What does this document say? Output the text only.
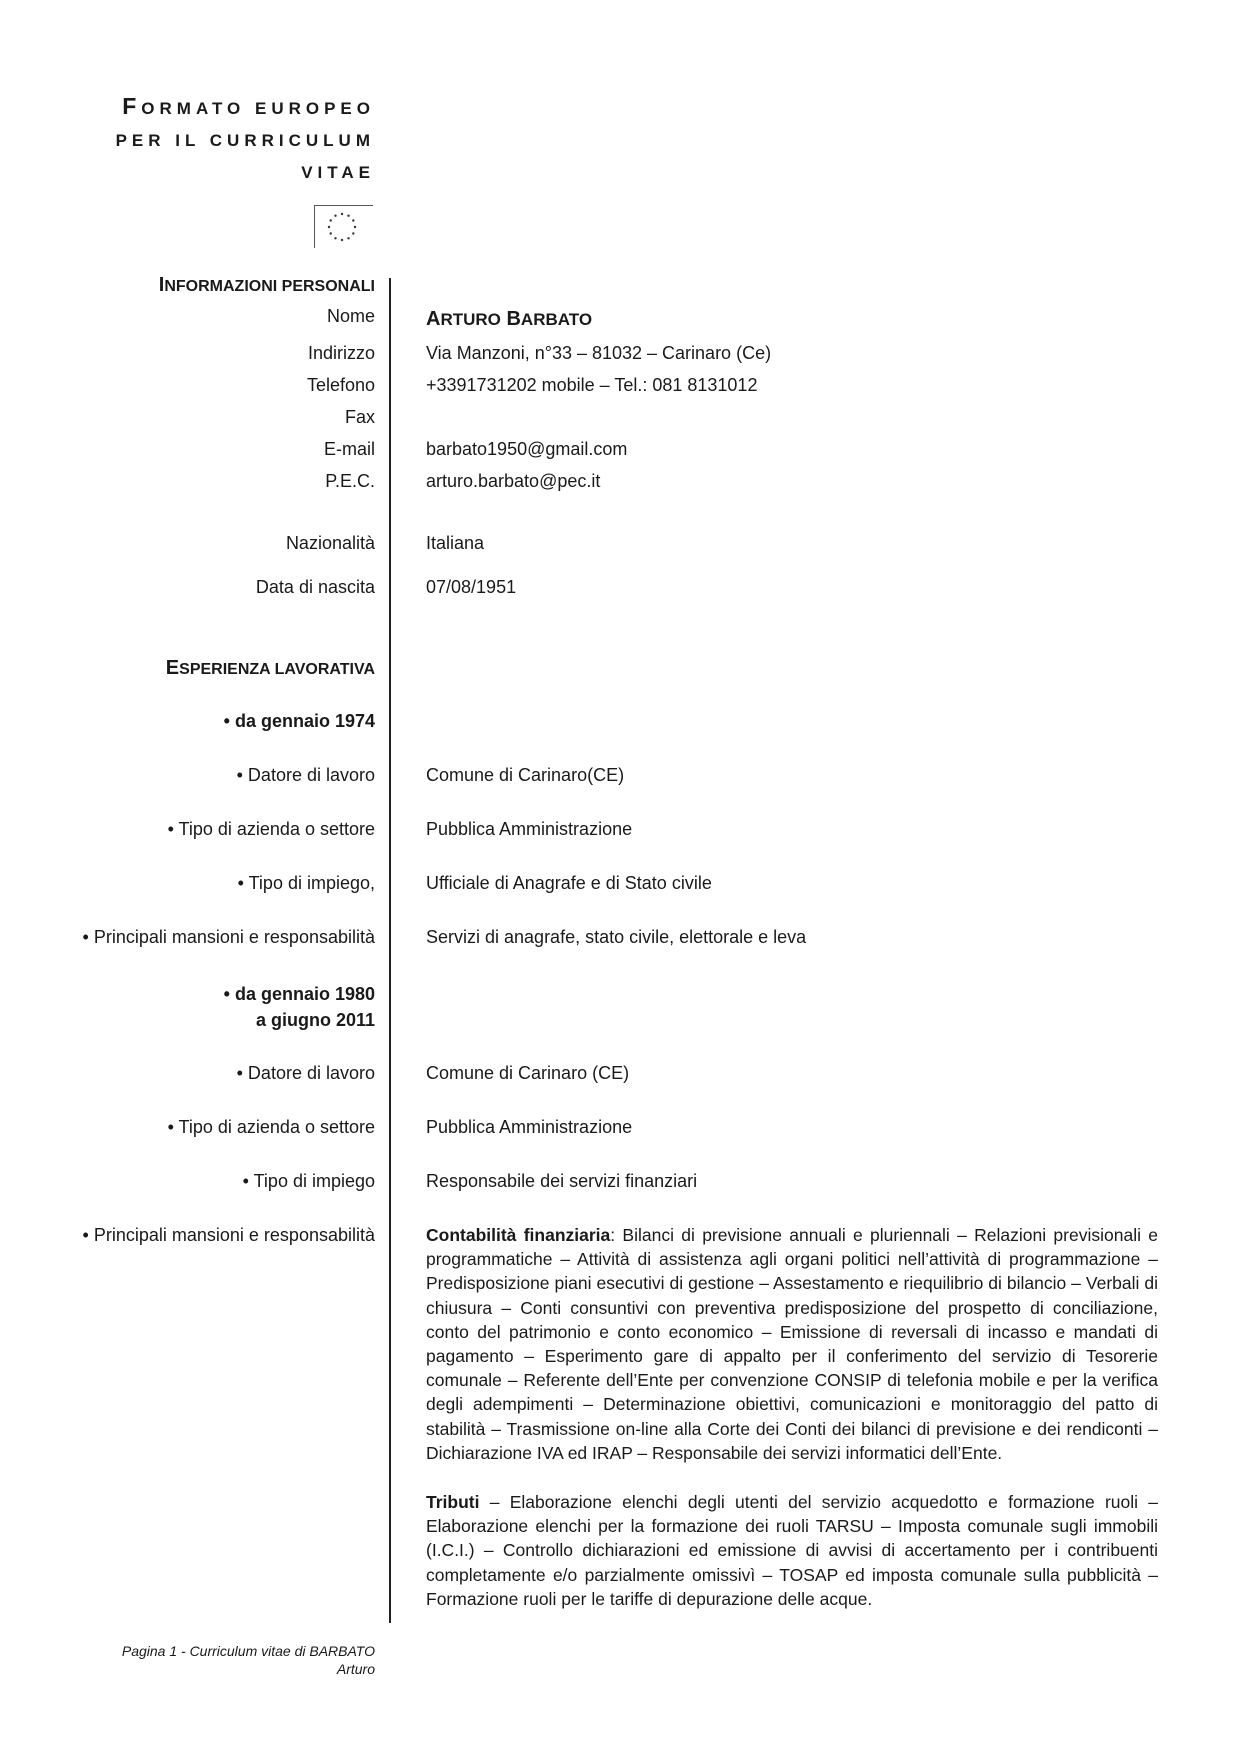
FORMATO EUROPEO
PER IL CURRICULUM
VITAE
INFORMAZIONI PERSONALI
Nome	ARTURO BARBATO
Indirizzo	Via Manzoni, n°33 – 81032 – Carinaro (Ce)
Telefono	+3391731202 mobile – Tel.: 081 8131012
Fax
E-mail	barbato1950@gmail.com
P.E.C.	arturo.barbato@pec.it
Nazionalità	Italiana
Data di nascita	07/08/1951
ESPERIENZA LAVORATIVA
• da gennaio 1974
• Datore di lavoro	Comune di Carinaro(CE)
• Tipo di azienda o settore	Pubblica Amministrazione
• Tipo di impiego,	Ufficiale di Anagrafe e di Stato civile
• Principali mansioni e responsabilità	Servizi di anagrafe, stato civile, elettorale e leva
• da gennaio 1980
a giugno 2011
• Datore di lavoro	Comune di Carinaro (CE)
• Tipo di azienda o settore	Pubblica Amministrazione
• Tipo di impiego	Responsabile dei servizi finanziari
• Principali mansioni e responsabilità	Contabilità finanziaria: Bilanci di previsione annuali e pluriennali – Relazioni previsionali e programmatiche – Attività di assistenza agli organi politici nell’attività di programmazione – Predisposizione piani esecutivi di gestione – Assestamento e riequilibrio di bilancio – Verbali di chiusura – Conti consuntivi con preventiva predisposizione del prospetto di conciliazione, conto del patrimonio e conto economico – Emissione di reversali di incasso e mandati di pagamento – Esperimento gare di appalto per il conferimento del servizio di Tesorerie comunale – Referente dell’Ente per convenzione CONSIP di telefonia mobile e per la verifica degli adempimenti – Determinazione obiettivi, comunicazioni e monitoraggio del patto di stabilità – Trasmissione on-line alla Corte dei Conti dei bilanci di previsione e dei rendiconti – Dichiarazione IVA ed IRAP – Responsabile dei servizi informatici dell’Ente.
Tributi – Elaborazione elenchi degli utenti del servizio acquedotto e formazione ruoli – Elaborazione elenchi per la formazione dei ruoli TARSU – Imposta comunale sugli immobili (I.C.I.) – Controllo dichiarazioni ed emissione di avvisi di accertamento per i contribuenti completamente e/o parzialmente omissivì – TOSAP ed imposta comunale sulla pubblicità – Formazione ruoli per le tariffe di depurazione delle acque.
Pagina 1 - Curriculum vitae di BARBATO
Arturo
